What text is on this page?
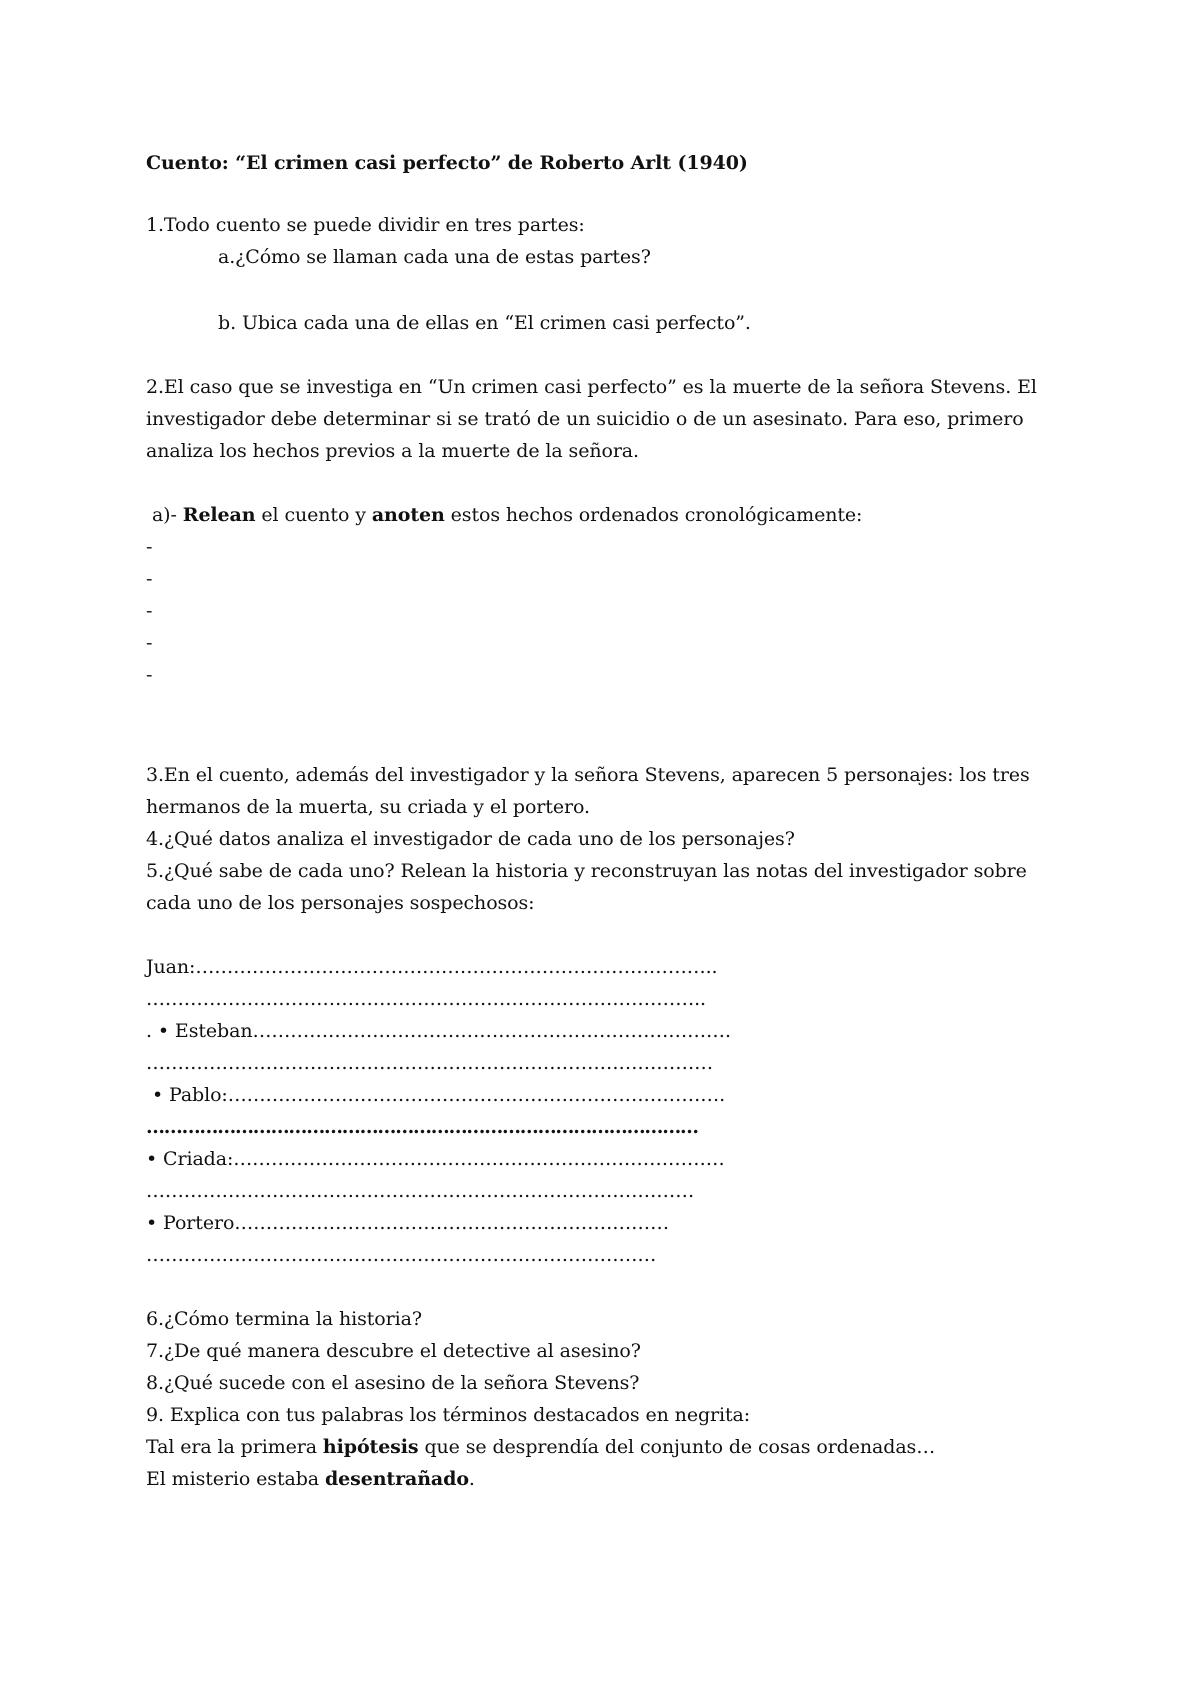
Cuento: “El crimen casi perfecto” de Roberto Arlt (1940)
1.Todo cuento se puede dividir en tres partes:
a.¿Cómo se llaman cada una de estas partes?
b. Ubica cada una de ellas en “El crimen casi perfecto”.
2.El caso que se investiga en “Un crimen casi perfecto” es la muerte de la señora Stevens. El
investigador debe determinar si se trató de un suicidio o de un asesinato. Para eso, primero
analiza los hechos previos a la muerte de la señora.
a)- Relean el cuento y anoten estos hechos ordenados cronológicamente:
-
-
-
-
-
3.En el cuento, además del investigador y la señora Stevens, aparecen 5 personajes: los tres
hermanos de la muerta, su criada y el portero.
4.¿Qué datos analiza el investigador de cada uno de los personajes?
5.¿Qué sabe de cada uno? Relean la historia y reconstruyan las notas del investigador sobre
cada uno de los personajes sospechosos:
Juan:………………………………………………………………………..
……………………………………………………………………………..
. • Esteban………………………………………………………………….
………………………………………………………………………………
• Pablo:…………………………………………………………………….
…………………………………………………………………………………
• Criada:……………………………………………………………………
……………………………………………………………………………
• Portero……………………………………………………………
………………………………………………………………………
6.¿Cómo termina la historia?
7.¿De qué manera descubre el detective al asesino?
8.¿Qué sucede con el asesino de la señora Stevens?
9. Explica con tus palabras los términos destacados en negrita:
Tal era la primera hipótesis que se desprendía del conjunto de cosas ordenadas…
El misterio estaba desentrañado.
